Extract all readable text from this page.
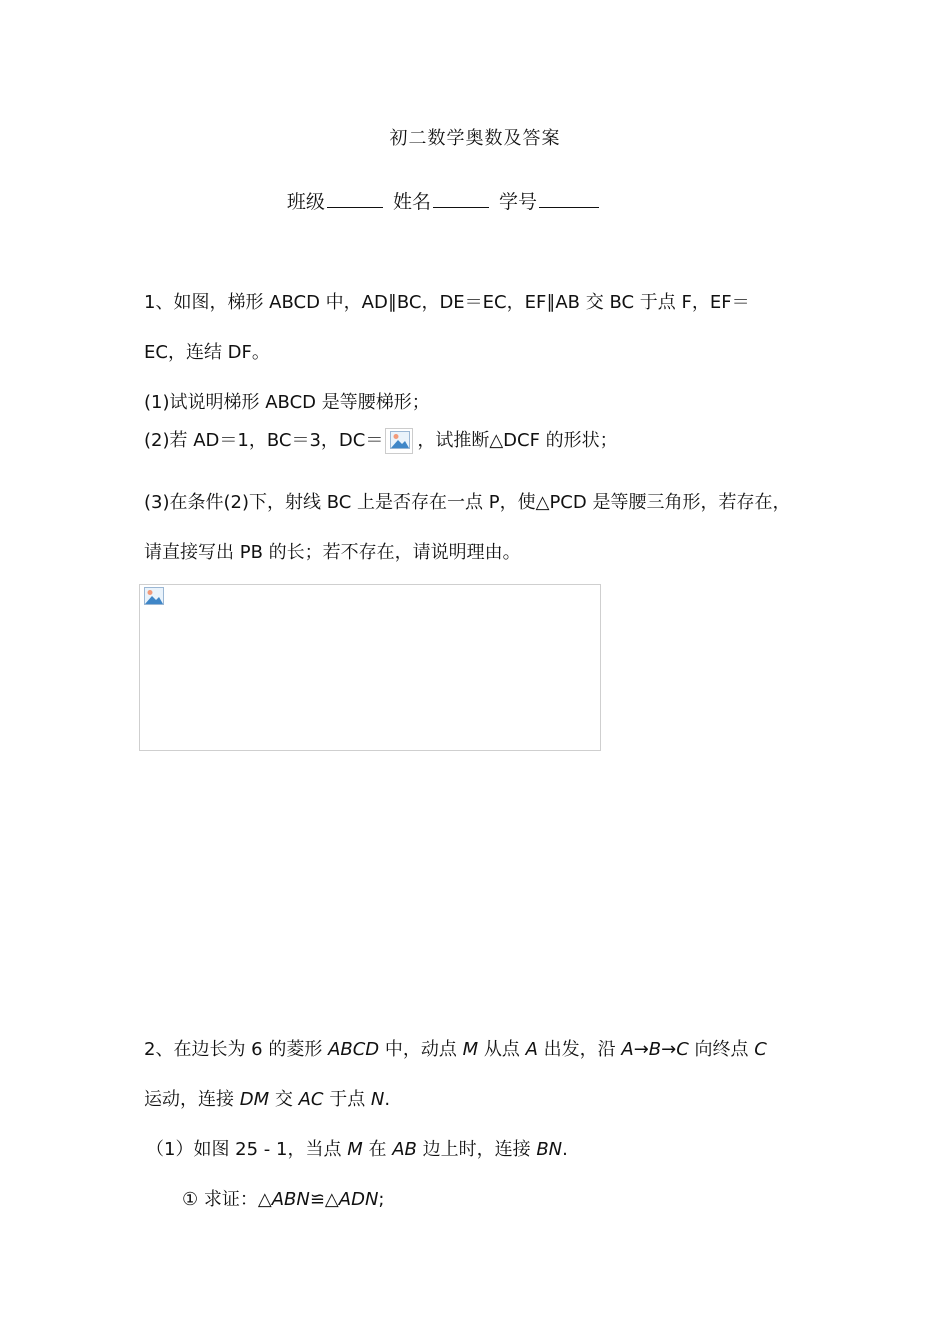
初二数学奥数及答案
班级	姓名	学号
1、如图，梯形 ABCD 中，AD∥BC，DE＝EC，EF∥AB 交 BC 于点 F，EF＝
EC，连结 DF。
(1)试说明梯形 ABCD 是等腰梯形；
(2)若 AD＝1，BC＝3，DC＝ ，试推断△DCF 的形状；
(3)在条件(2)下，射线 BC 上是否存在一点 P，使△PCD 是等腰三角形，若存在，
请直接写出 PB 的长；若不存在，请说明理由。
2、在边长为 6 的菱形 ABCD 中，动点 M 从点 A 出发，沿 A→B→C 向终点 C
运动，连接 DM 交 AC 于点 N.
（1）如图 25 - 1，当点 M 在 AB 边上时，连接 BN.
① 求证：△ABN≌△ADN;
